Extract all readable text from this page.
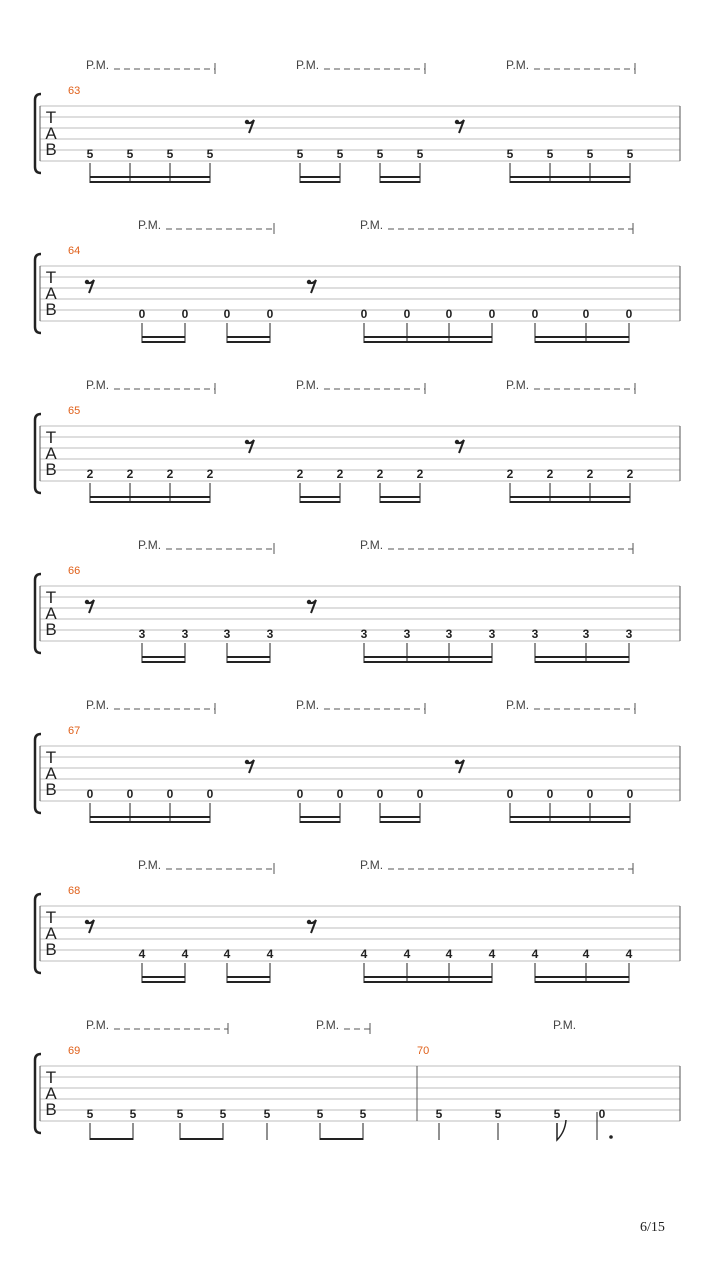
T
A
B
63
P.M.	P.M.	P.M.
5	5	5	5	5	5	5	5	5	5	5	5
T
A
B
64
P.M.	P.M.
0	0	0	0	0	0	0	0	0	0	0
T
A
B
65
P.M.	P.M.	P.M.
2	2	2	2	2	2	2	2	2	2	2	2
T
A
B
66
P.M.	P.M.
3	3	3	3	3	3	3	3	3	3	3
T
A
B
67
P.M.	P.M.	P.M.
0	0	0	0	0	0	0	0	0	0	0	0
T
A
B
68
P.M.	P.M.
4	4	4	4	4	4	4	4	4	4	4
T
A
B
69	70
P.M.	P.M.	P.M.
5	5	5	5	5	5	5	5	5	5	0
6/15
